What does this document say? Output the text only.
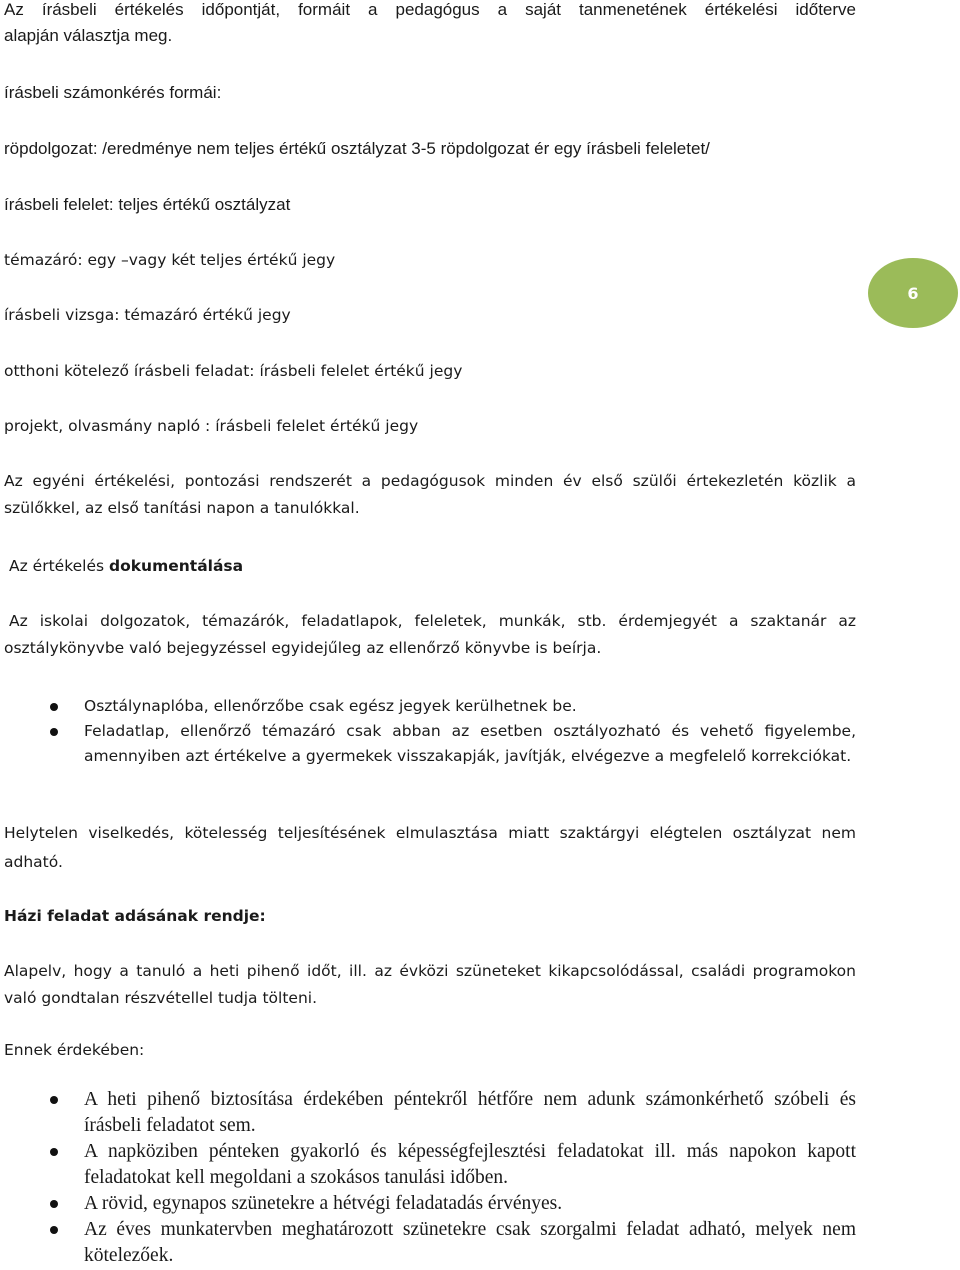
6
Az írásbeli értékelés időpontját, formáit a pedagógus a saját tanmenetének értékelési időterve
alapján választja meg.
írásbeli számonkérés formái:
röpdolgozat: /eredménye nem teljes értékű osztályzat 3-5 röpdolgozat ér egy írásbeli feleletet/
írásbeli felelet: teljes értékű osztályzat
témazáró: egy –vagy két teljes értékű jegy
írásbeli vizsga: témazáró értékű jegy
otthoni kötelező írásbeli feladat: írásbeli felelet értékű jegy
projekt, olvasmány napló : írásbeli felelet értékű jegy
Az egyéni értékelési, pontozási rendszerét a pedagógusok minden év első szülői értekezletén közlik a szülőkkel, az első tanítási napon a tanulókkal.
Az értékelés dokumentálása
Az iskolai dolgozatok, témazárók, feladatlapok, feleletek, munkák, stb. érdemjegyét a szaktanár az osztálykönyvbe való bejegyzéssel egyidejűleg az ellenőrző könyvbe is beírja.
Osztálynaplóba, ellenőrzőbe csak egész jegyek kerülhetnek be.
Feladatlap, ellenőrző témazáró csak abban az esetben osztályozható és vehető figyelembe, amennyiben azt értékelve a gyermekek visszakapják, javítják, elvégezve a megfelelő korrekciókat.
Helytelen viselkedés, kötelesség teljesítésének elmulasztása miatt szaktárgyi elégtelen osztályzat nem adható.
Házi feladat adásának rendje:
Alapelv, hogy a tanuló a heti pihenő időt, ill. az évközi szüneteket kikapcsolódással, családi programokon való gondtalan részvétellel tudja tölteni.
Ennek érdekében:
A heti pihenő biztosítása érdekében péntekről hétfőre nem adunk számonkérhető szóbeli és írásbeli feladatot sem.
A napköziben pénteken gyakorló és képességfejlesztési feladatokat ill. más napokon kapott feladatokat kell megoldani a szokásos tanulási időben.
A rövid, egynapos szünetekre a hétvégi feladatadás érvényes.
Az éves munkatervben meghatározott szünetekre csak szorgalmi feladat adható, melyek nem kötelezőek.
